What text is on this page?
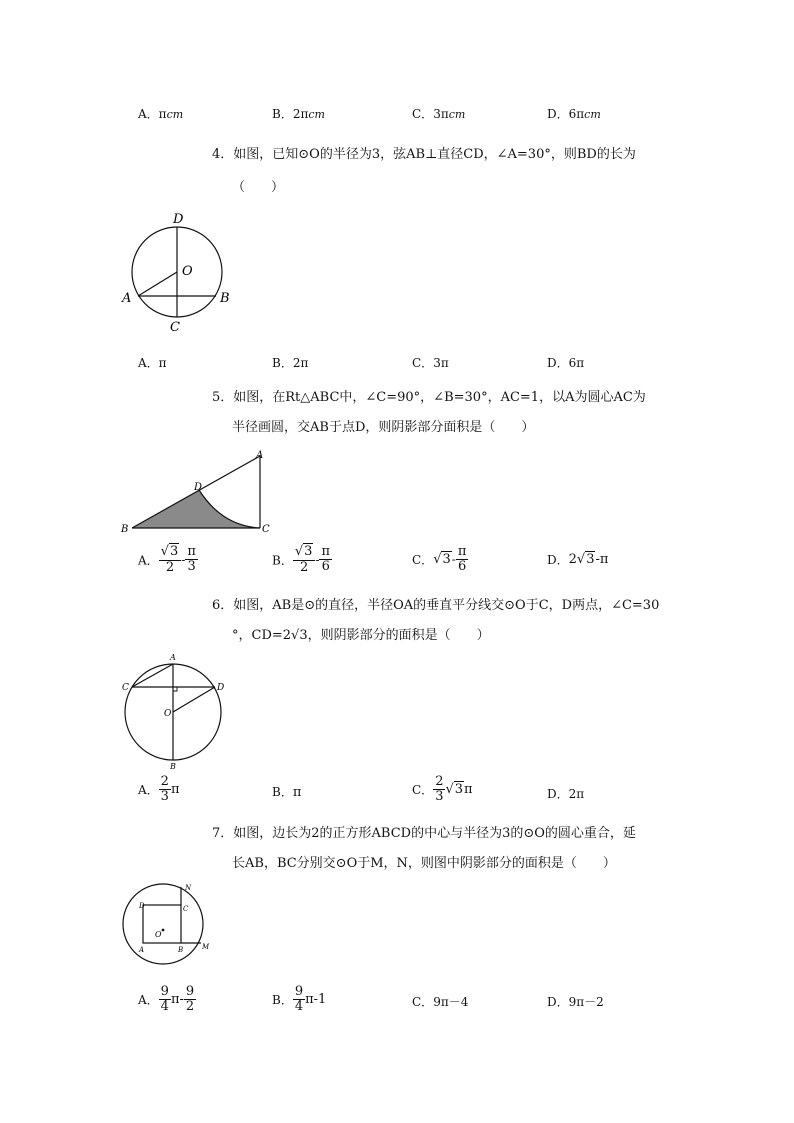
A．πcm	B．2πcm	C．3πcm	D．6πcm
4．如图，已知⊙O的半径为3，弦AB⊥直径CD，∠A=30°，则BD的长为
（　　）
D
O
A	B
C
A．π	B．2π	C．3π	D．6π
5．如图，在Rt△ABC中，∠C=90°，∠B=30°，AC=1，以A为圆心AC为
半径画圆，交AB于点D，则阴影部分面积是（　　）
A
B	C
D
A． $\frac{√3}{2} - \frac{\pi}{3}$	B． $\frac{√3}{2} - \frac{\pi}{6}$	C．$√3- \frac{\pi}{6}$	D．2√3-π
6．如图，AB是⊙的直径，半径OA的垂直平分线交⊙O于C，D两点，∠C=30
°，CD=2√3，则阴影部分的面积是（　　）
A
B
C	D
O
A． $\frac{2}{3}$ π	B．π	C． $\frac{2}{3} √3\pi$	D．2π
7．如图，边长为2的正方形ABCD的中心与半径为3的⊙O的圆心重合，延
长AB，BC分别交⊙O于M，N，则图中阴影部分的面积是（　　）
A	B
C
D
O
M
N
A． $\frac{9}{4} \pi- \frac{9}{2}$	B． $\frac{9}{4} \pi-1$	C．9π－4	D．9π－2
